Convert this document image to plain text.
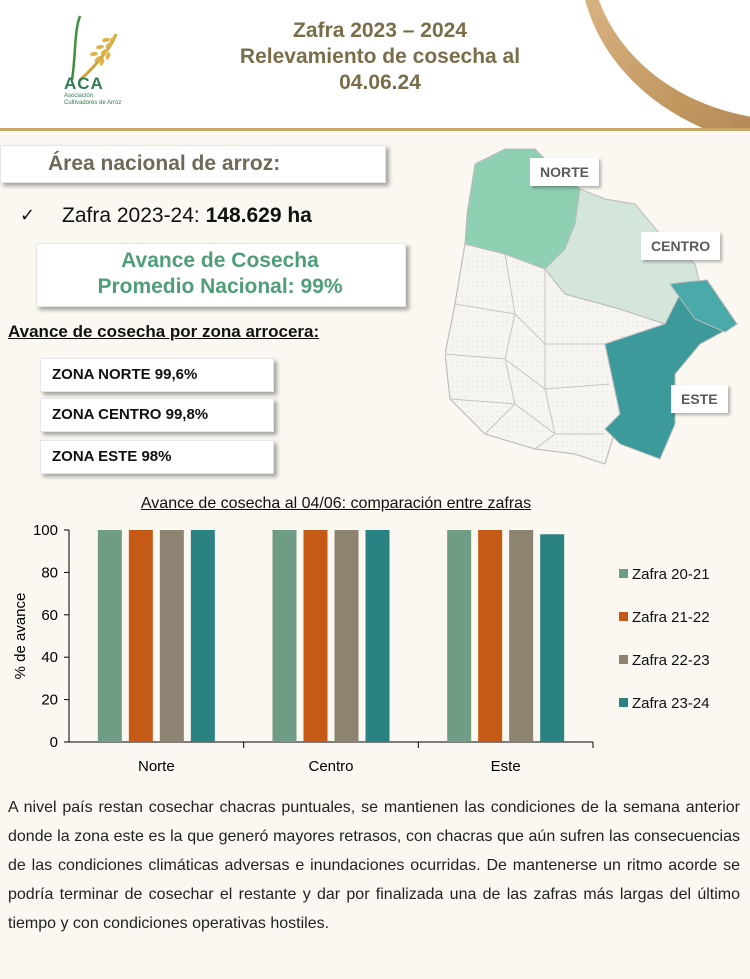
ACA
Asociación
Cultivadores de Arroz
Zafra 2023 – 2024
Relevamiento de cosecha al
04.06.24
Área nacional de arroz:
✓ Zafra 2023-24: 148.629 ha
Avance de Cosecha
Promedio Nacional: 99%
Avance de cosecha por zona arrocera:
ZONA NORTE 99,6%
ZONA CENTRO 99,8%
ZONA ESTE 98%
NORTE
CENTRO
ESTE
Avance de cosecha al 04/06: comparación entre zafras
0
20
40
60
80
100
% de avance
Norte	Centro	Este
Zafra 20-21
Zafra 21-22
Zafra 22-23
Zafra 23-24
A nivel país restan cosechar chacras puntuales, se mantienen las condiciones de la semana anterior donde la zona este es la que generó mayores retrasos, con chacras que aún sufren las consecuencias de las condiciones climáticas adversas e inundaciones ocurridas. De mantenerse un ritmo acorde se podría terminar de cosechar el restante y dar por finalizada una de las zafras más largas del último tiempo y con condiciones operativas hostiles.
